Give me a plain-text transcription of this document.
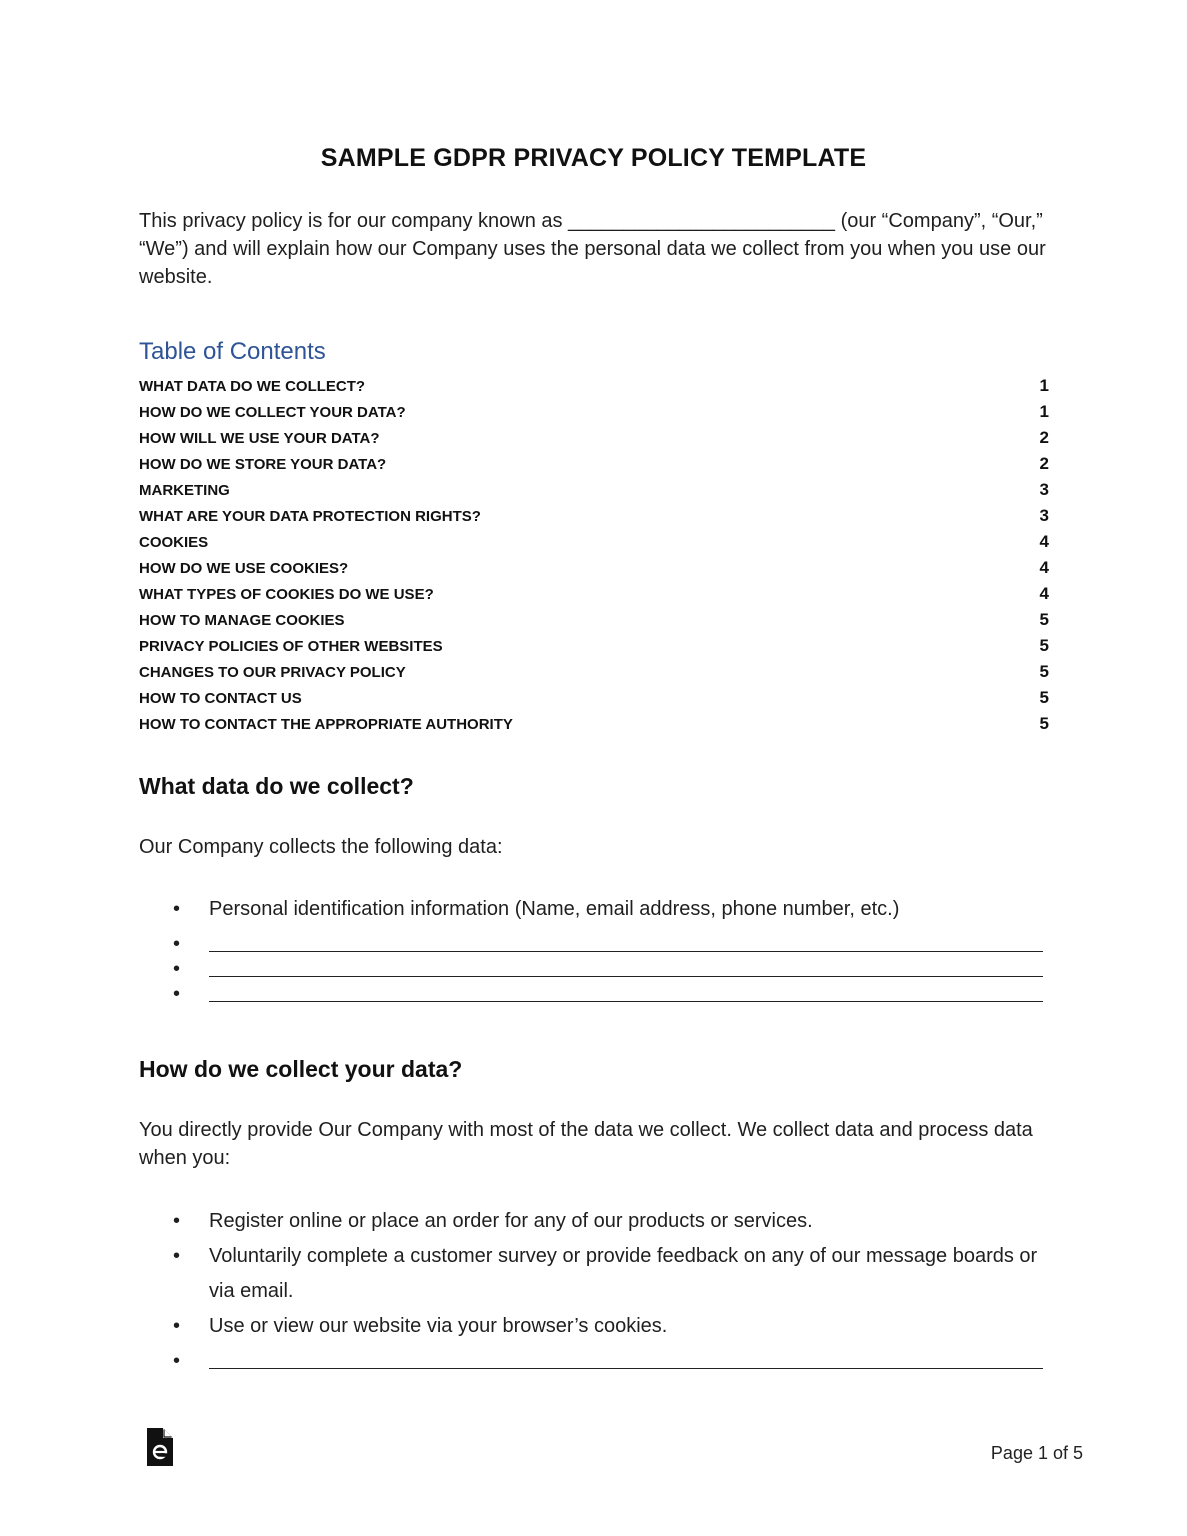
SAMPLE GDPR PRIVACY POLICY TEMPLATE
This privacy policy is for our company known as ________________________ (our “Company”, “Our,” “We”) and will explain how our Company uses the personal data we collect from you when you use our website.
Table of Contents
WHAT DATA DO WE COLLECT?	1
HOW DO WE COLLECT YOUR DATA?	1
HOW WILL WE USE YOUR DATA?	2
HOW DO WE STORE YOUR DATA?	2
MARKETING	3
WHAT ARE YOUR DATA PROTECTION RIGHTS?	3
COOKIES	4
HOW DO WE USE COOKIES?	4
WHAT TYPES OF COOKIES DO WE USE?	4
HOW TO MANAGE COOKIES	5
PRIVACY POLICIES OF OTHER WEBSITES	5
CHANGES TO OUR PRIVACY POLICY	5
HOW TO CONTACT US	5
HOW TO CONTACT THE APPROPRIATE AUTHORITY	5
What data do we collect?
Our Company collects the following data:
• Personal identification information (Name, email address, phone number, etc.)
•
•
•
How do we collect your data?
You directly provide Our Company with most of the data we collect. We collect data and process data when you:
• Register online or place an order for any of our products or services.
• Voluntarily complete a customer survey or provide feedback on any of our message boards or via email.
• Use or view our website via your browser’s cookies.
•
Page 1 of 5
